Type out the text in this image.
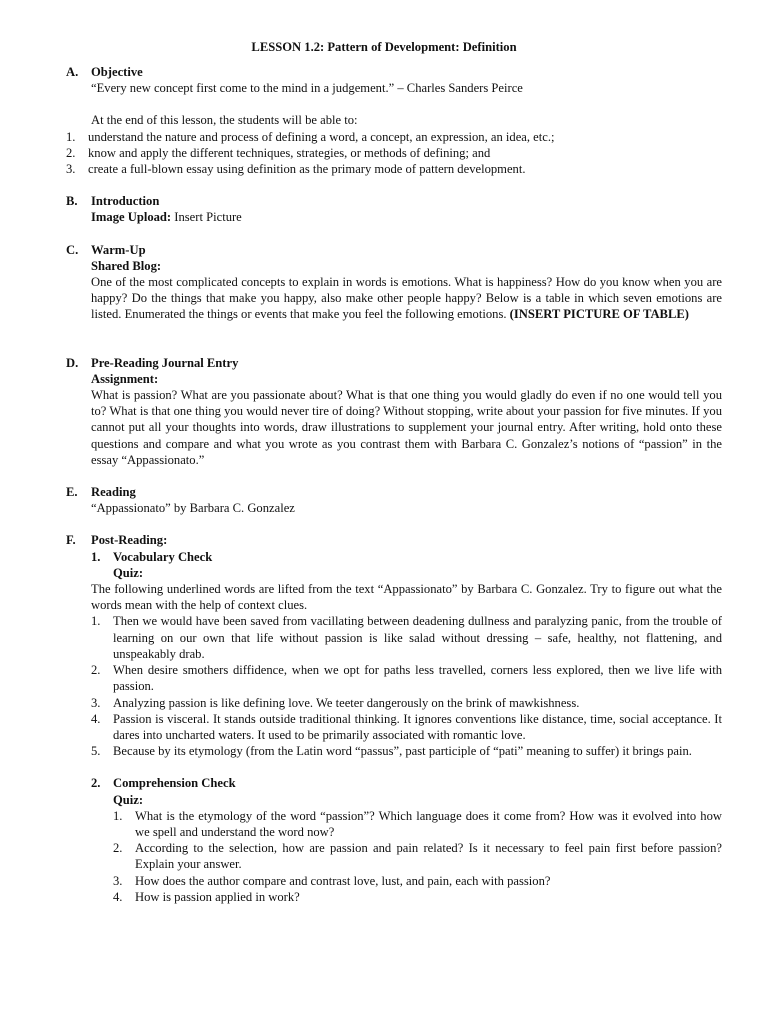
LESSON 1.2: Pattern of Development: Definition
A. Objective
“Every new concept first come to the mind in a judgement.” – Charles Sanders Peirce
At the end of this lesson, the students will be able to:
1. understand the nature and process of defining a word, a concept, an expression, an idea, etc.;
2. know and apply the different techniques, strategies, or methods of defining; and
3. create a full-blown essay using definition as the primary mode of pattern development.
B. Introduction
Image Upload: Insert Picture
C. Warm-Up
Shared Blog:
One of the most complicated concepts to explain in words is emotions. What is happiness? How do you know when you are happy? Do the things that make you happy, also make other people happy? Below is a table in which seven emotions are listed. Enumerated the things or events that make you feel the following emotions. (INSERT PICTURE OF TABLE)
D. Pre-Reading Journal Entry
Assignment:
What is passion? What are you passionate about? What is that one thing you would gladly do even if no one would tell you to? What is that one thing you would never tire of doing? Without stopping, write about your passion for five minutes. If you cannot put all your thoughts into words, draw illustrations to supplement your journal entry. After writing, hold onto these questions and compare and what you wrote as you contrast them with Barbara C. Gonzalez’s notions of “passion” in the essay “Appassionato.”
E. Reading
“Appassionato” by Barbara C. Gonzalez
F. Post-Reading:
1. Vocabulary Check
Quiz:
The following underlined words are lifted from the text “Appassionato” by Barbara C. Gonzalez. Try to figure out what the words mean with the help of context clues.
1. Then we would have been saved from vacillating between deadening dullness and paralyzing panic, from the trouble of learning on our own that life without passion is like salad without dressing – safe, healthy, not flattening, and unspeakably drab.
2. When desire smothers diffidence, when we opt for paths less travelled, corners less explored, then we live life with passion.
3. Analyzing passion is like defining love. We teeter dangerously on the brink of mawkishness.
4. Passion is visceral. It stands outside traditional thinking. It ignores conventions like distance, time, social acceptance. It dares into uncharted waters. It used to be primarily associated with romantic love.
5. Because by its etymology (from the Latin word “passus”, past participle of “pati” meaning to suffer) it brings pain.
2. Comprehension Check
Quiz:
1. What is the etymology of the word “passion”? Which language does it come from? How was it evolved into how we spell and understand the word now?
2. According to the selection, how are passion and pain related? Is it necessary to feel pain first before passion? Explain your answer.
3. How does the author compare and contrast love, lust, and pain, each with passion?
4. How is passion applied in work?
